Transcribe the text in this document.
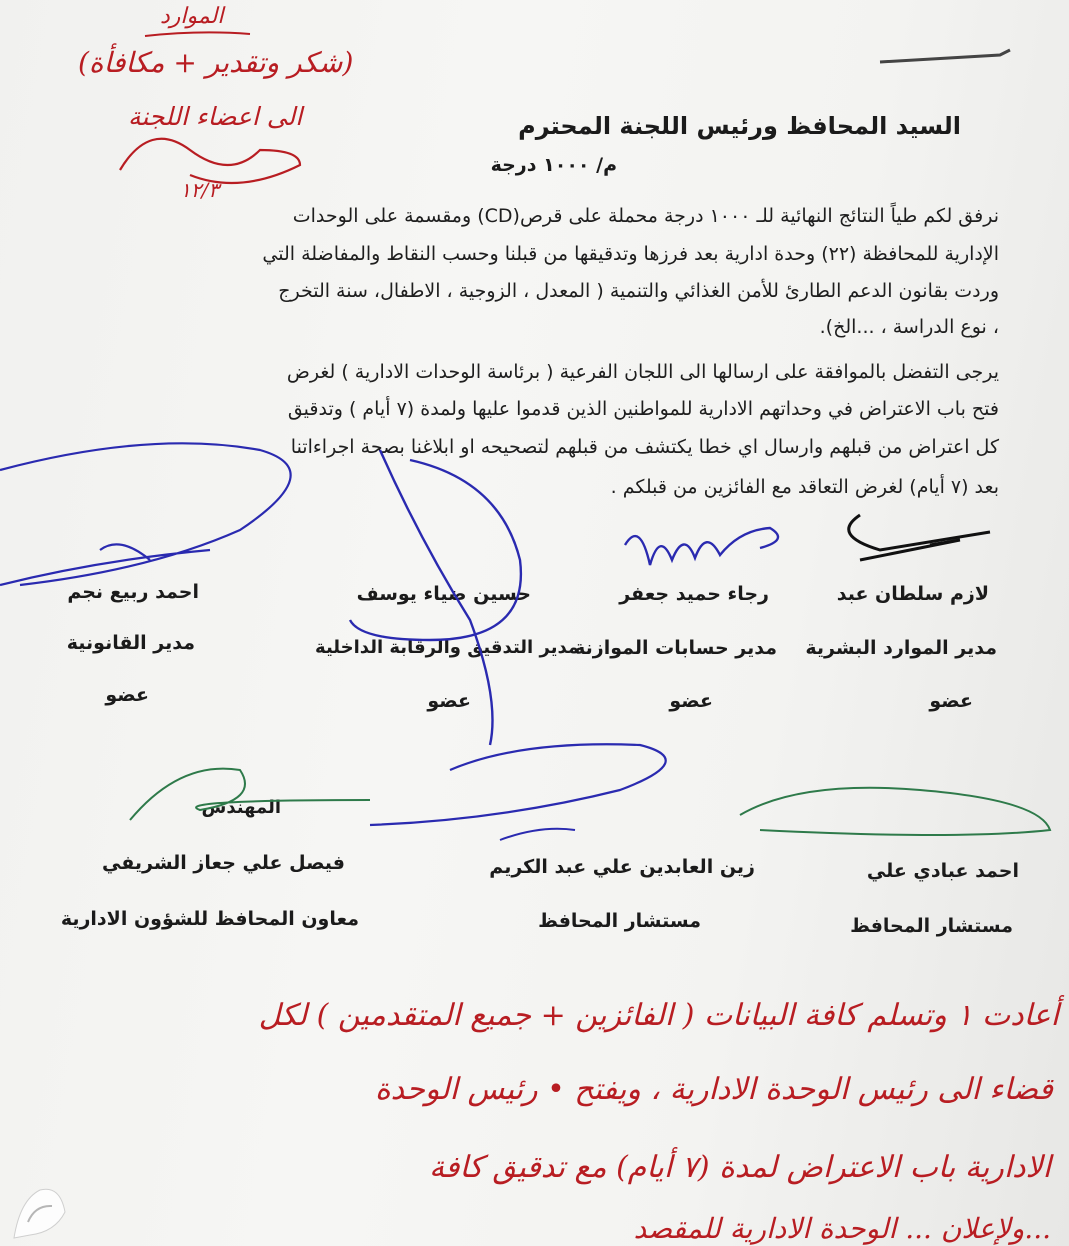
الموارد
(شكر وتقدير + مكافأة)
الى اعضاء اللجنة
١٢/٣
السيد المحافظ ورئيس اللجنة المحترم
م/ ١٠٠٠ درجة
نرفق لكم طياً النتائج النهائية للـ ١٠٠٠ درجة محملة على قرص(CD) ومقسمة على الوحدات
الإدارية للمحافظة (٢٢) وحدة ادارية بعد فرزها وتدقيقها من قبلنا وحسب النقاط والمفاضلة التي
وردت بقانون الدعم الطارئ للأمن الغذائي والتنمية ( المعدل ، الزوجية ، الاطفال، سنة التخرج
، نوع الدراسة ، ...الخ).
يرجى التفضل بالموافقة على ارسالها الى اللجان الفرعية ( برئاسة الوحدات الادارية ) لغرض
فتح باب الاعتراض في وحداتهم الادارية للمواطنين الذين قدموا عليها ولمدة (٧ أيام ) وتدقيق
كل اعتراض من قبلهم وارسال اي خطا يكتشف من قبلهم لتصحيحه او ابلاغنا بصحة اجراءاتنا
بعد (٧ أيام) لغرض التعاقد مع الفائزين من قبلكم .
لازم سلطان عبد
مدير الموارد البشرية
عضو
رجاء حميد جعفر
مدير حسابات الموازنة
عضو
حسين ضياء يوسف
مدير التدقيق والرقابة الداخلية
عضو
احمد ربيع نجم
مدير القانونية
عضو
احمد عبادي علي
مستشار المحافظ
زين العابدين علي عبد الكريم
مستشار المحافظ
المهندس
فيصل علي جعاز الشريفي
معاون المحافظ للشؤون الادارية
أعادت ١ وتسلم كافة البيانات ( الفائزين + جميع المتقدمين ) لكل
قضاء الى رئيس الوحدة الادارية ، ويفتح • رئيس الوحدة
الادارية باب الاعتراض لمدة (٧ أيام) مع تدقيق كافة
...ولإعلان ... الوحدة الادارية للمقصد
